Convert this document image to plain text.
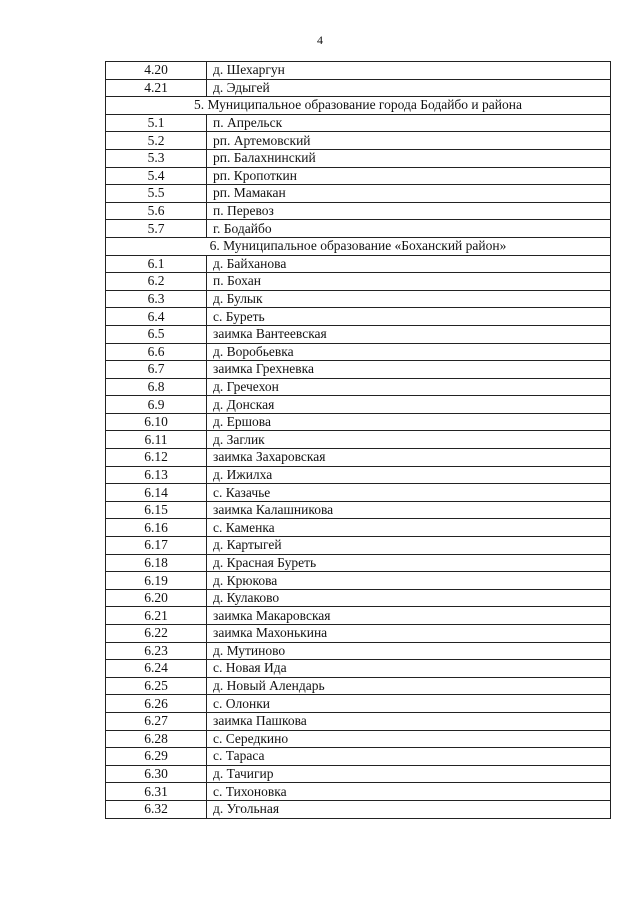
4
4.20	д. Шехаргун
4.21	д. Эдыгей
5. Муниципальное образование города Бодайбо и района	
5.1	п. Апрельск
5.2	рп. Артемовский
5.3	рп. Балахнинский
5.4	рп. Кропоткин
5.5	рп. Мамакан
5.6	п. Перевоз
5.7	г. Бодайбо
6. Муниципальное образование «Боханский район»	
6.1	д. Байханова
6.2	п. Бохан
6.3	д. Булык
6.4	с. Буреть
6.5	заимка Вантеевская
6.6	д. Воробьевка
6.7	заимка Грехневка
6.8	д. Гречехон
6.9	д. Донская
6.10	д. Ершова
6.11	д. Заглик
6.12	заимка Захаровская
6.13	д. Ижилха
6.14	с. Казачье
6.15	заимка Калашникова
6.16	с. Каменка
6.17	д. Картыгей
6.18	д. Красная Буреть
6.19	д. Крюкова
6.20	д. Кулаково
6.21	заимка Макаровская
6.22	заимка Махонькина
6.23	д. Мутиново
6.24	с. Новая Ида
6.25	д. Новый Алендарь
6.26	с. Олонки
6.27	заимка Пашкова
6.28	с. Середкино
6.29	с. Тараса
6.30	д. Тачигир
6.31	с. Тихоновка
6.32	д. Угольная
